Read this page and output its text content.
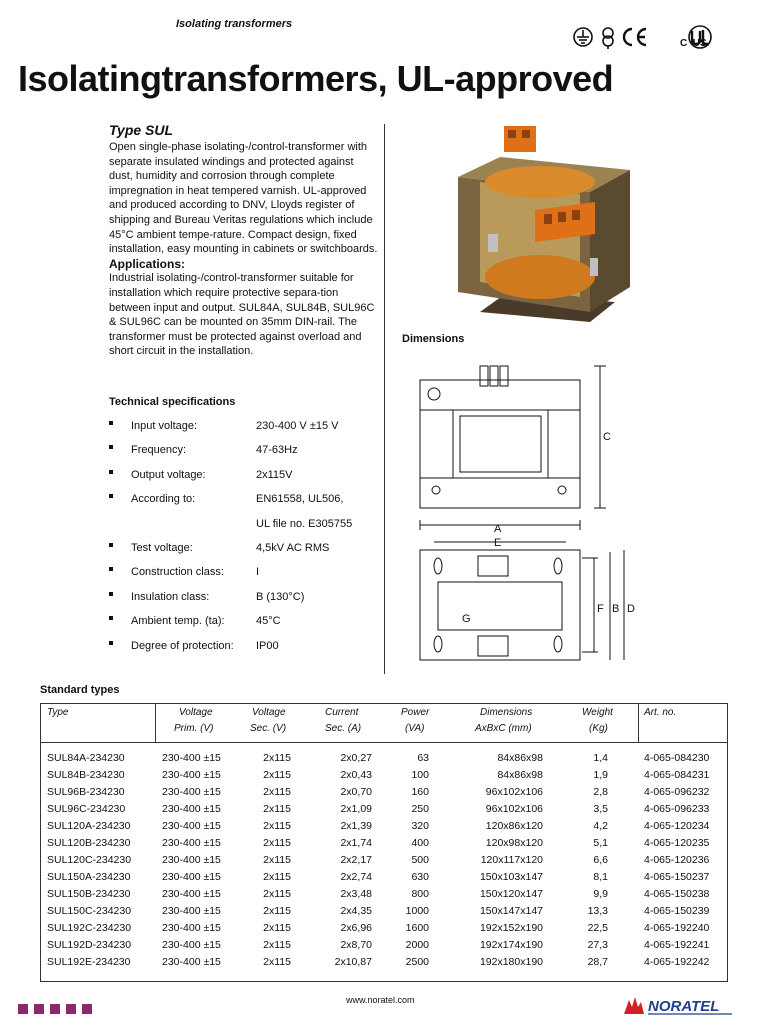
Isolating transformers
C  US
Isolatingtransformers, UL-approved
Type SUL

Open single-phase isolating-/control-transformer with separate insulated windings and protected against dust, humidity and corrosion through complete impregnation in heat tempered varnish. UL-approved and produced according to DNV, Lloyds register of shipping and Bureau Veritas regulations which include 45°C ambient tempe-rature. Compact design, fixed installation, easy mounting in cabinets or switchboards.

Applications:

Industrial isolating-/control-transformer suitable for installation which require protective separa-tion between input and output. SUL84A, SUL84B, SUL96C & SUL96C can be mounted on 35mm DIN-rail. The transformer must be protected against overload and short circuit in the installation.

Dimensions
C
A
E
F B D
G
Technical specifications
Input voltage:	230-400 V ±15 V
Frequency:	47-63Hz
Output voltage:	2x115V
According to:	EN61558, UL506,
UL file no. E305755
Test voltage:	4,5kV AC RMS
Construction class:	I
Insulation class:	B (130°C)
Ambient temp. (ta):	45°C
Degree of protection: IP00
Standard types
Type	Voltage
Prim. (V)
Voltage
Sec. (V)
Current
Sec. (A)
Power
(VA)
Dimensions
AxBxC (mm)
Weight
(Kg)
Art. no.
SUL84A-234230	230-400 ±15	2x115	2x0,27	63	84x86x98	1,4	4-065-084230
SUL84B-234230	230-400 ±15	2x115	2x0,43	100	84x86x98	1,9	4-065-084231
SUL96B-234230	230-400 ±15	2x115	2x0,70	160	96x102x106	2,8	4-065-096232
SUL96C-234230	230-400 ±15	2x115	2x1,09	250	96x102x106	3,5	4-065-096233
SUL120A-234230	230-400 ±15	2x115	2x1,39	320	120x86x120	4,2	4-065-120234
SUL120B-234230	230-400 ±15	2x115	2x1,74	400	120x98x120	5,1	4-065-120235
SUL120C-234230	230-400 ±15	2x115	2x2,17	500	120x117x120	6,6	4-065-120236
SUL150A-234230	230-400 ±15	2x115	2x2,74	630	150x103x147	8,1	4-065-150237
SUL150B-234230	230-400 ±15	2x115	2x3,48	800	150x120x147	9,9	4-065-150238
SUL150C-234230	230-400 ±15	2x115	2x4,35	1000	150x147x147	13,3	4-065-150239
SUL192C-234230	230-400 ±15	2x115	2x6,96	1600	192x152x190	22,5	4-065-192240
SUL192D-234230	230-400 ±15	2x115	2x8,70	2000	192x174x190	27,3	4-065-192241
SUL192E-234230	230-400 ±15	2x115	2x10,87	2500	192x180x190	28,7	4-065-192242
www.noratel.com	NORATEL
